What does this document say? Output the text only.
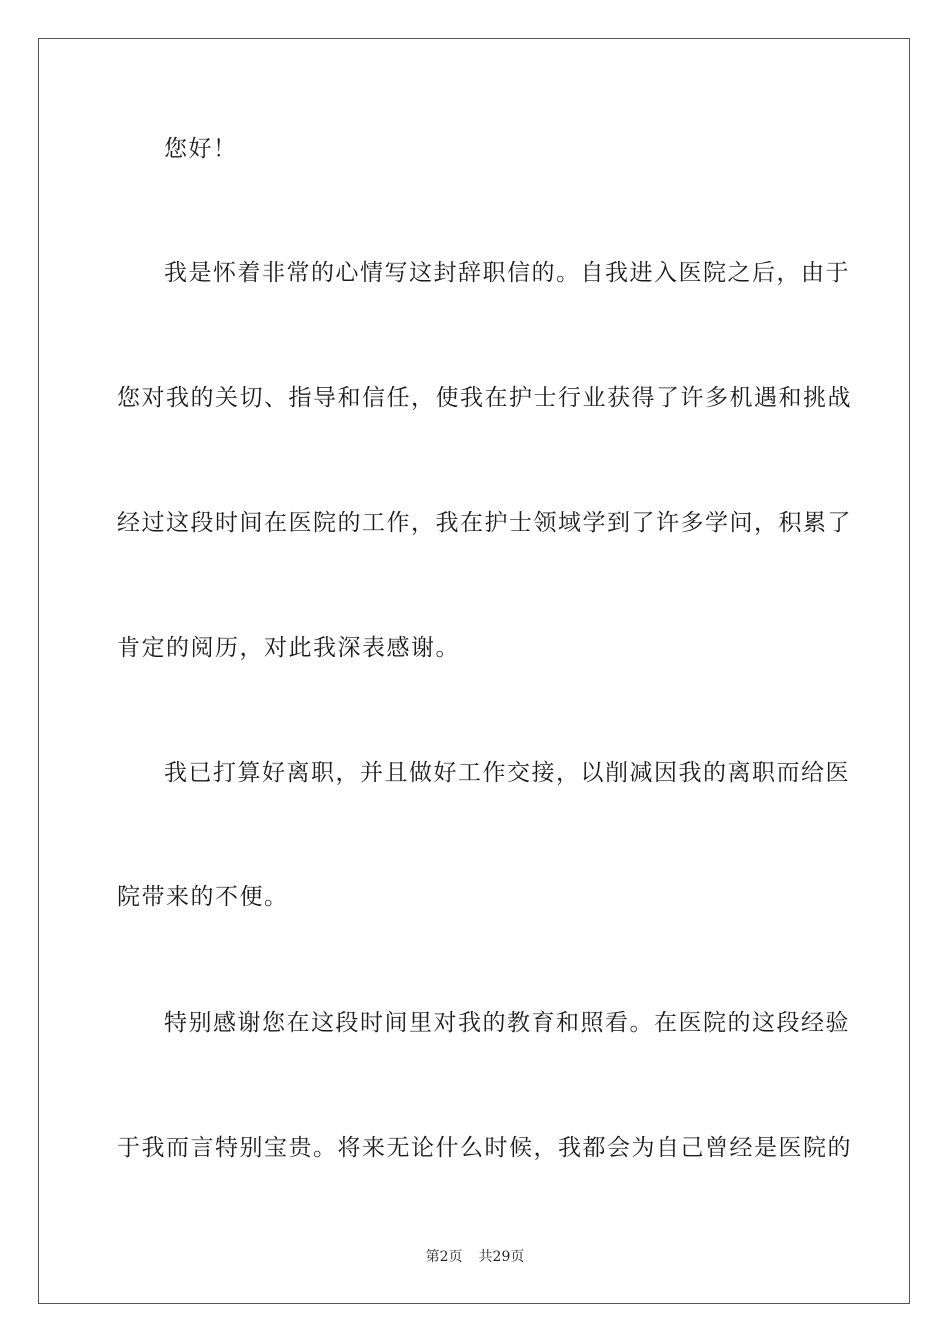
您好！
我是怀着非常的心情写这封辞职信的。自我进入医院之后，由于
您对我的关切、指导和信任，使我在护士行业获得了许多机遇和挑战
经过这段时间在医院的工作，我在护士领域学到了许多学问，积累了
肯定的阅历，对此我深表感谢。
我已打算好离职，并且做好工作交接，以削减因我的离职而给医
院带来的不便。
特别感谢您在这段时间里对我的教育和照看。在医院的这段经验
于我而言特别宝贵。将来无论什么时候，我都会为自己曾经是医院的
第2页 共29页
